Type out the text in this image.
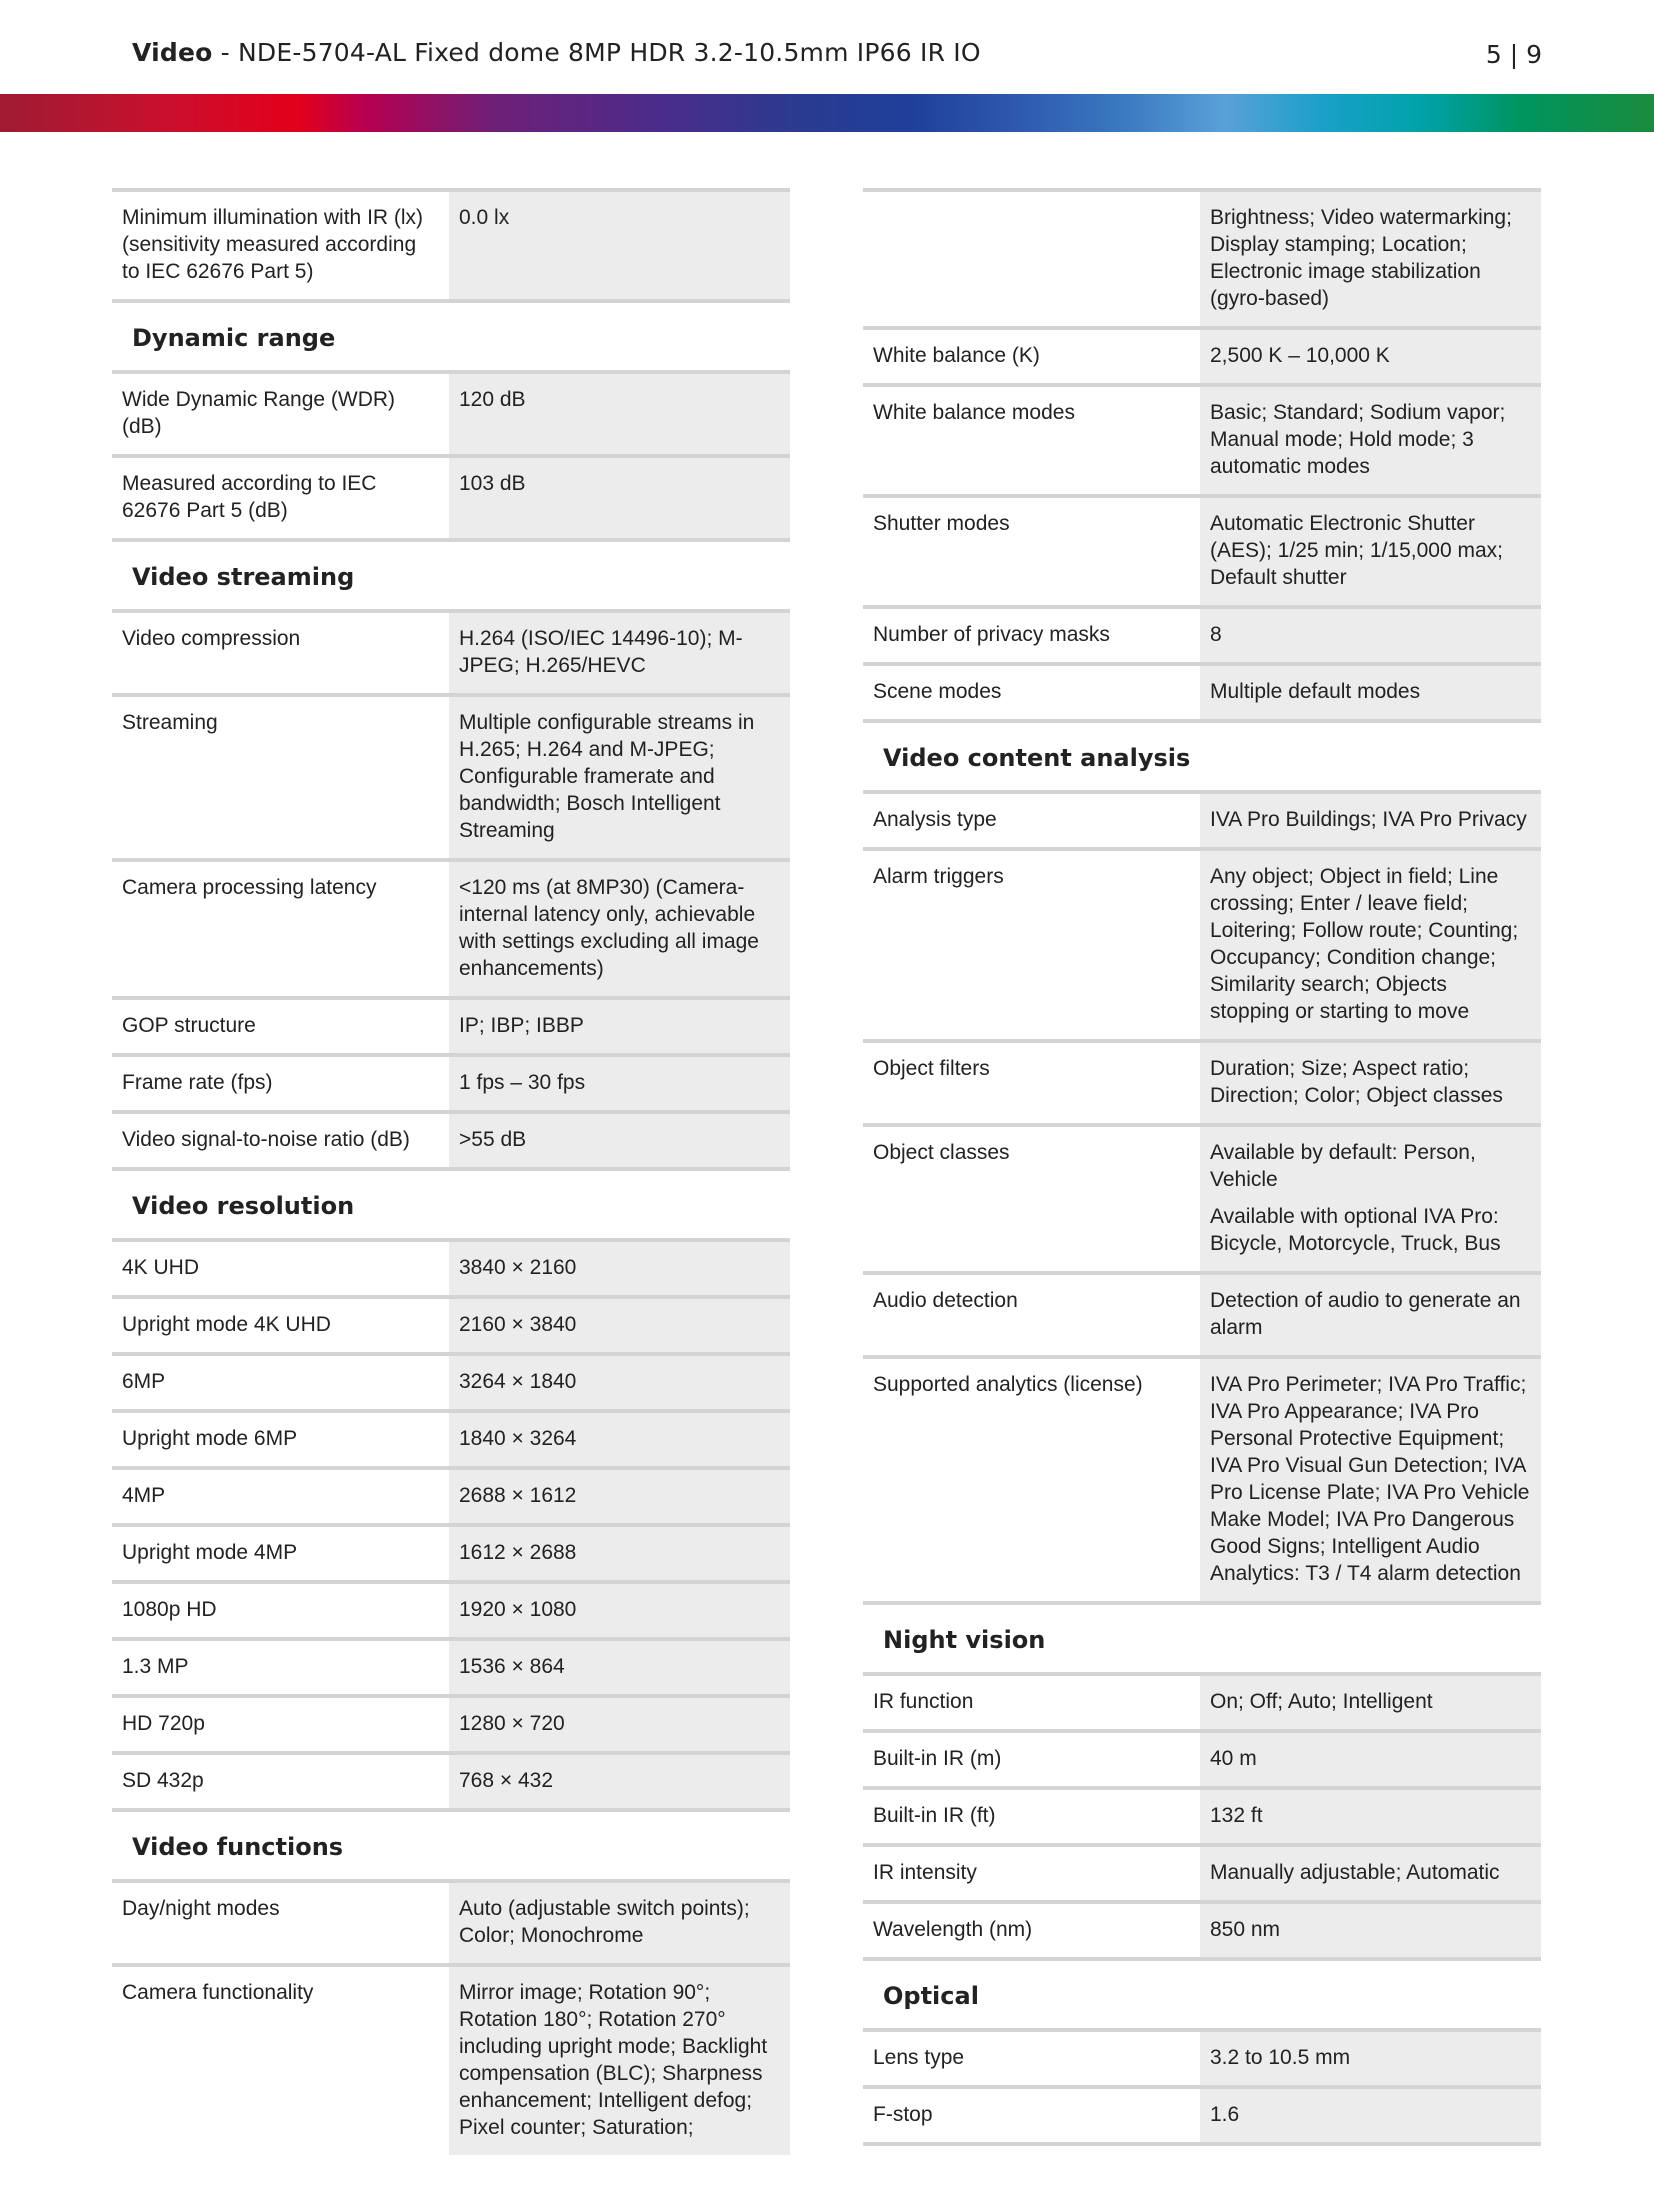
Video - NDE-5704-AL Fixed dome 8MP HDR 3.2-10.5mm IP66 IR IO	5 | 9
Minimum illumination with IR (lx) (sensitivity measured according to IEC 62676 Part 5)	0.0 lx
Dynamic range	
Wide Dynamic Range (WDR) (dB)	120 dB
Measured according to IEC 62676 Part 5 (dB)	103 dB
Video streaming	
Video compression	H.264 (ISO/IEC 14496-10); M-JPEG; H.265/HEVC
Streaming	Multiple configurable streams in H.265; H.264 and M-JPEG; Configurable framerate and bandwidth; Bosch Intelligent Streaming
Camera processing latency	<120 ms (at 8MP30) (Camera-internal latency only, achievable with settings excluding all image enhancements)
GOP structure	IP; IBP; IBBP
Frame rate (fps)	1 fps – 30 fps
Video signal-to-noise ratio (dB)	>55 dB
Video resolution	
4K UHD	3840 × 2160
Upright mode 4K UHD	2160 × 3840
6MP	3264 × 1840
Upright mode 6MP	1840 × 3264
4MP	2688 × 1612
Upright mode 4MP	1612 × 2688
1080p HD	1920 × 1080
1.3 MP	1536 × 864
HD 720p	1280 × 720
SD 432p	768 × 432
Video functions	
Day/night modes	Auto (adjustable switch points); Color; Monochrome
Camera functionality	Mirror image; Rotation 90°; Rotation 180°; Rotation 270° including upright mode; Backlight compensation (BLC); Sharpness enhancement; Intelligent defog; Pixel counter; Saturation;
	Brightness; Video watermarking; Display stamping; Location; Electronic image stabilization (gyro-based)
White balance (K)	2,500 K – 10,000 K
White balance modes	Basic; Standard; Sodium vapor; Manual mode; Hold mode; 3 automatic modes
Shutter modes	Automatic Electronic Shutter (AES); 1/25 min; 1/15,000 max; Default shutter
Number of privacy masks	8
Scene modes	Multiple default modes
Video content analysis	
Analysis type	IVA Pro Buildings; IVA Pro Privacy
Alarm triggers	Any object; Object in field; Line crossing; Enter / leave field; Loitering; Follow route; Counting; Occupancy; Condition change; Similarity search; Objects stopping or starting to move
Object filters	Duration; Size; Aspect ratio; Direction; Color; Object classes
Object classes	Available by default: Person, Vehicle
Available with optional IVA Pro: Bicycle, Motorcycle, Truck, Bus

Audio detection	Detection of audio to generate an alarm
Supported analytics (license)	IVA Pro Perimeter; IVA Pro Traffic; IVA Pro Appearance; IVA Pro Personal Protective Equipment; IVA Pro Visual Gun Detection; IVA Pro License Plate; IVA Pro Vehicle Make Model; IVA Pro Dangerous Good Signs; Intelligent Audio Analytics: T3 / T4 alarm detection
Night vision	
IR function	On; Off; Auto; Intelligent
Built-in IR (m)	40 m
Built-in IR (ft)	132 ft
IR intensity	Manually adjustable; Automatic
Wavelength (nm)	850 nm
Optical	
Lens type	3.2 to 10.5 mm
F-stop	1.6
